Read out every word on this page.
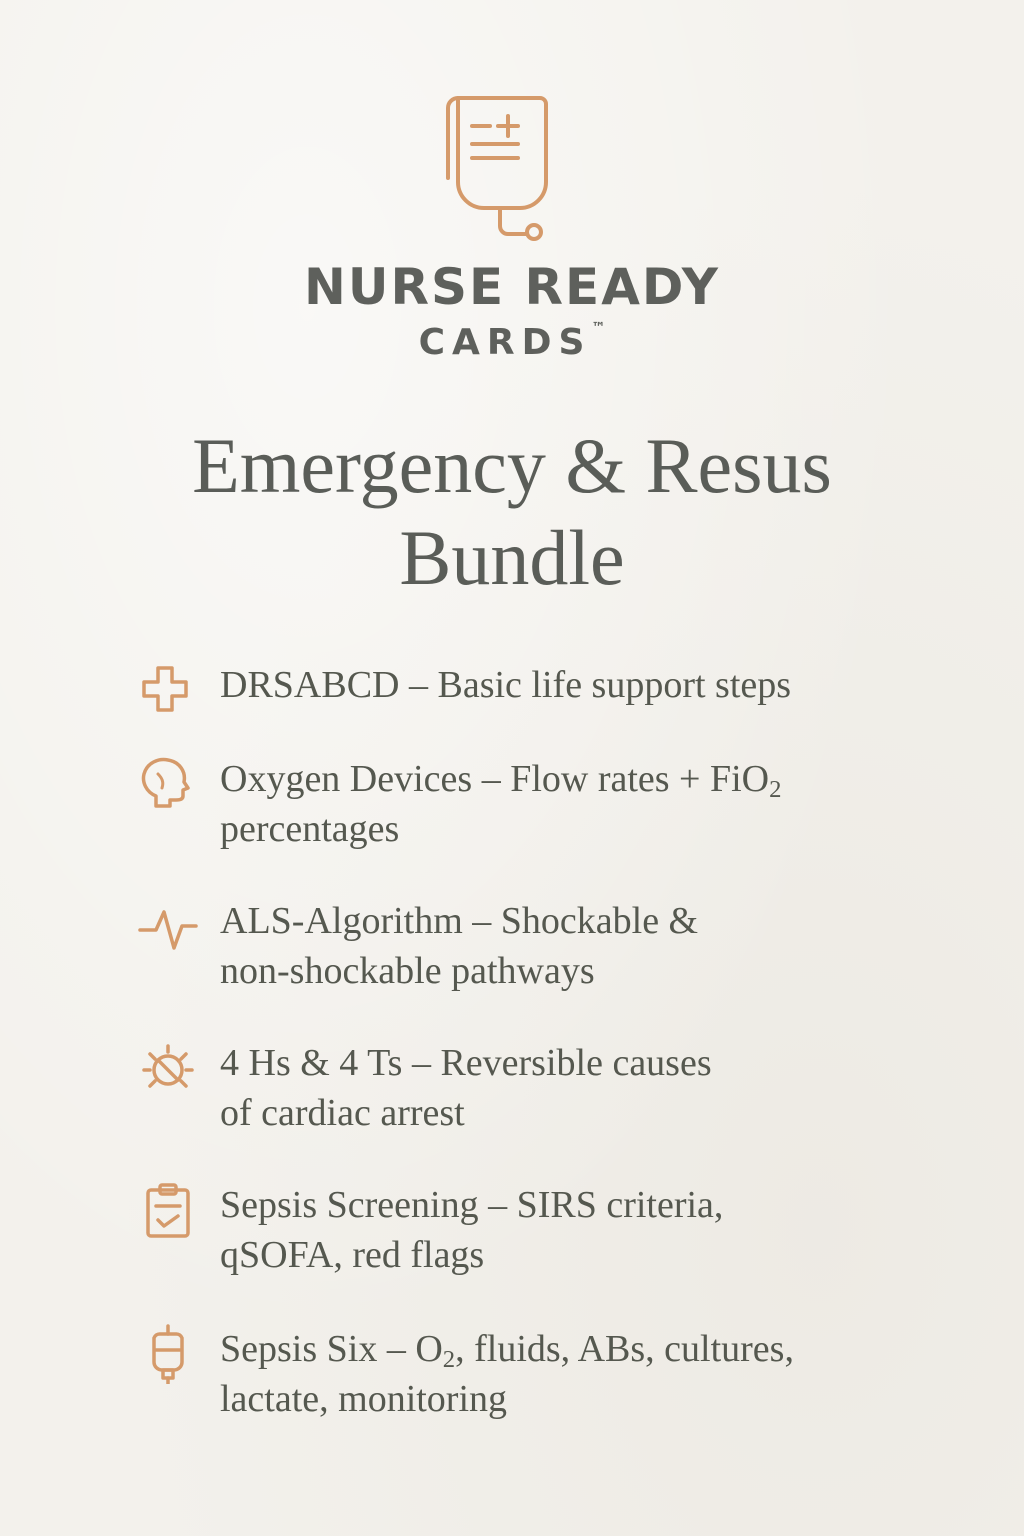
NURSE READY
CARDS™
Emergency & Resus
Bundle
DRSABCD – Basic life support steps
Oxygen Devices – Flow rates + FiO$_2$
percentages
ALS-Algorithm – Shockable &
non-shockable pathways
4 Hs & 4 Ts – Reversible causes
of cardiac arrest
Sepsis Screening – SIRS criteria,
qSOFA, red flags
Sepsis Six – $O_2$, fluids, ABs, cultures,
lactate, monitoring
